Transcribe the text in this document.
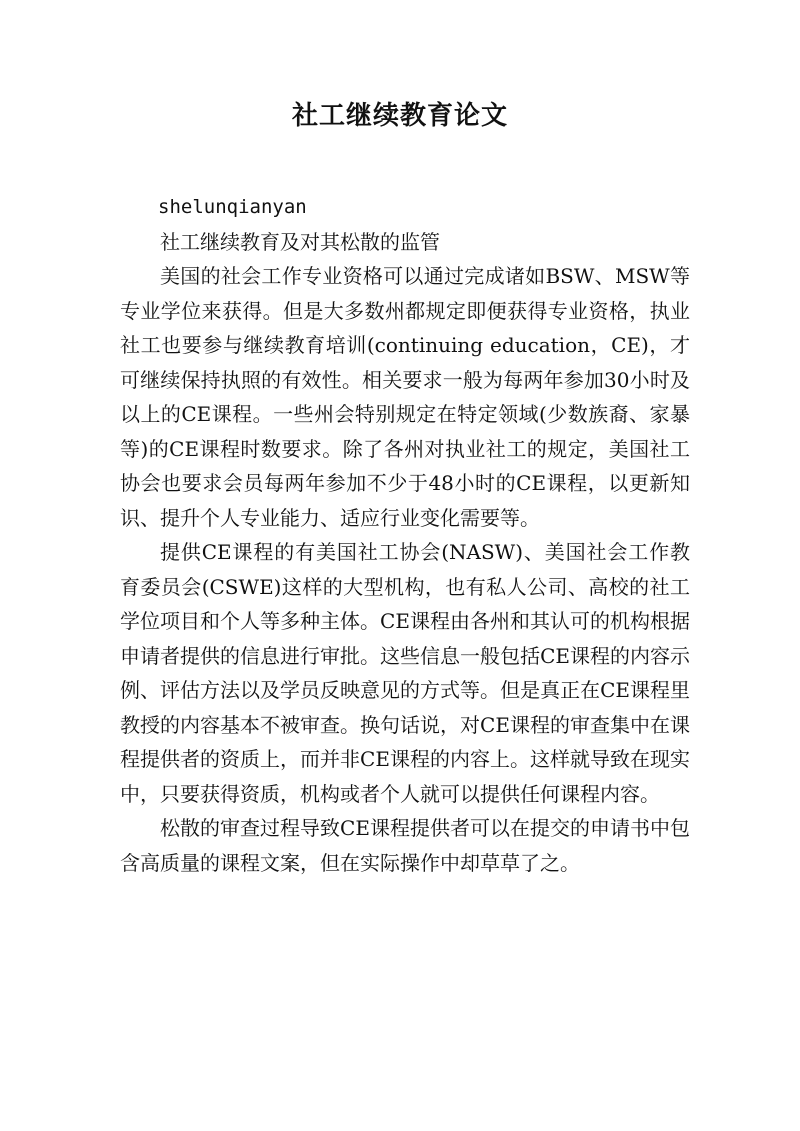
社工继续教育论文

shelunqianyan

社工继续教育及对其松散的监管

美国的社会工作专业资格可以通过完成诸如BSW、MSW等专业学位来获得。但是大多数州都规定即便获得专业资格，执业社工也要参与继续教育培训(continuing education，CE)，才可继续保持执照的有效性。相关要求一般为每两年参加30小时及以上的CE课程。一些州会特别规定在特定领域(少数族裔、家暴等)的CE课程时数要求。除了各州对执业社工的规定，美国社工协会也要求会员每两年参加不少于48小时的CE课程，以更新知识、提升个人专业能力、适应行业变化需要等。

提供CE课程的有美国社工协会(NASW)、美国社会工作教育委员会(CSWE)这样的大型机构，也有私人公司、高校的社工学位项目和个人等多种主体。CE课程由各州和其认可的机构根据申请者提供的信息进行审批。这些信息一般包括CE课程的内容示例、评估方法以及学员反映意见的方式等。但是真正在CE课程里教授的内容基本不被审查。换句话说，对CE课程的审查集中在课程提供者的资质上，而并非CE课程的内容上。这样就导致在现实中，只要获得资质，机构或者个人就可以提供任何课程内容。

松散的审查过程导致CE课程提供者可以在提交的申请书中包含高质量的课程文案，但在实际操作中却草草了之。
